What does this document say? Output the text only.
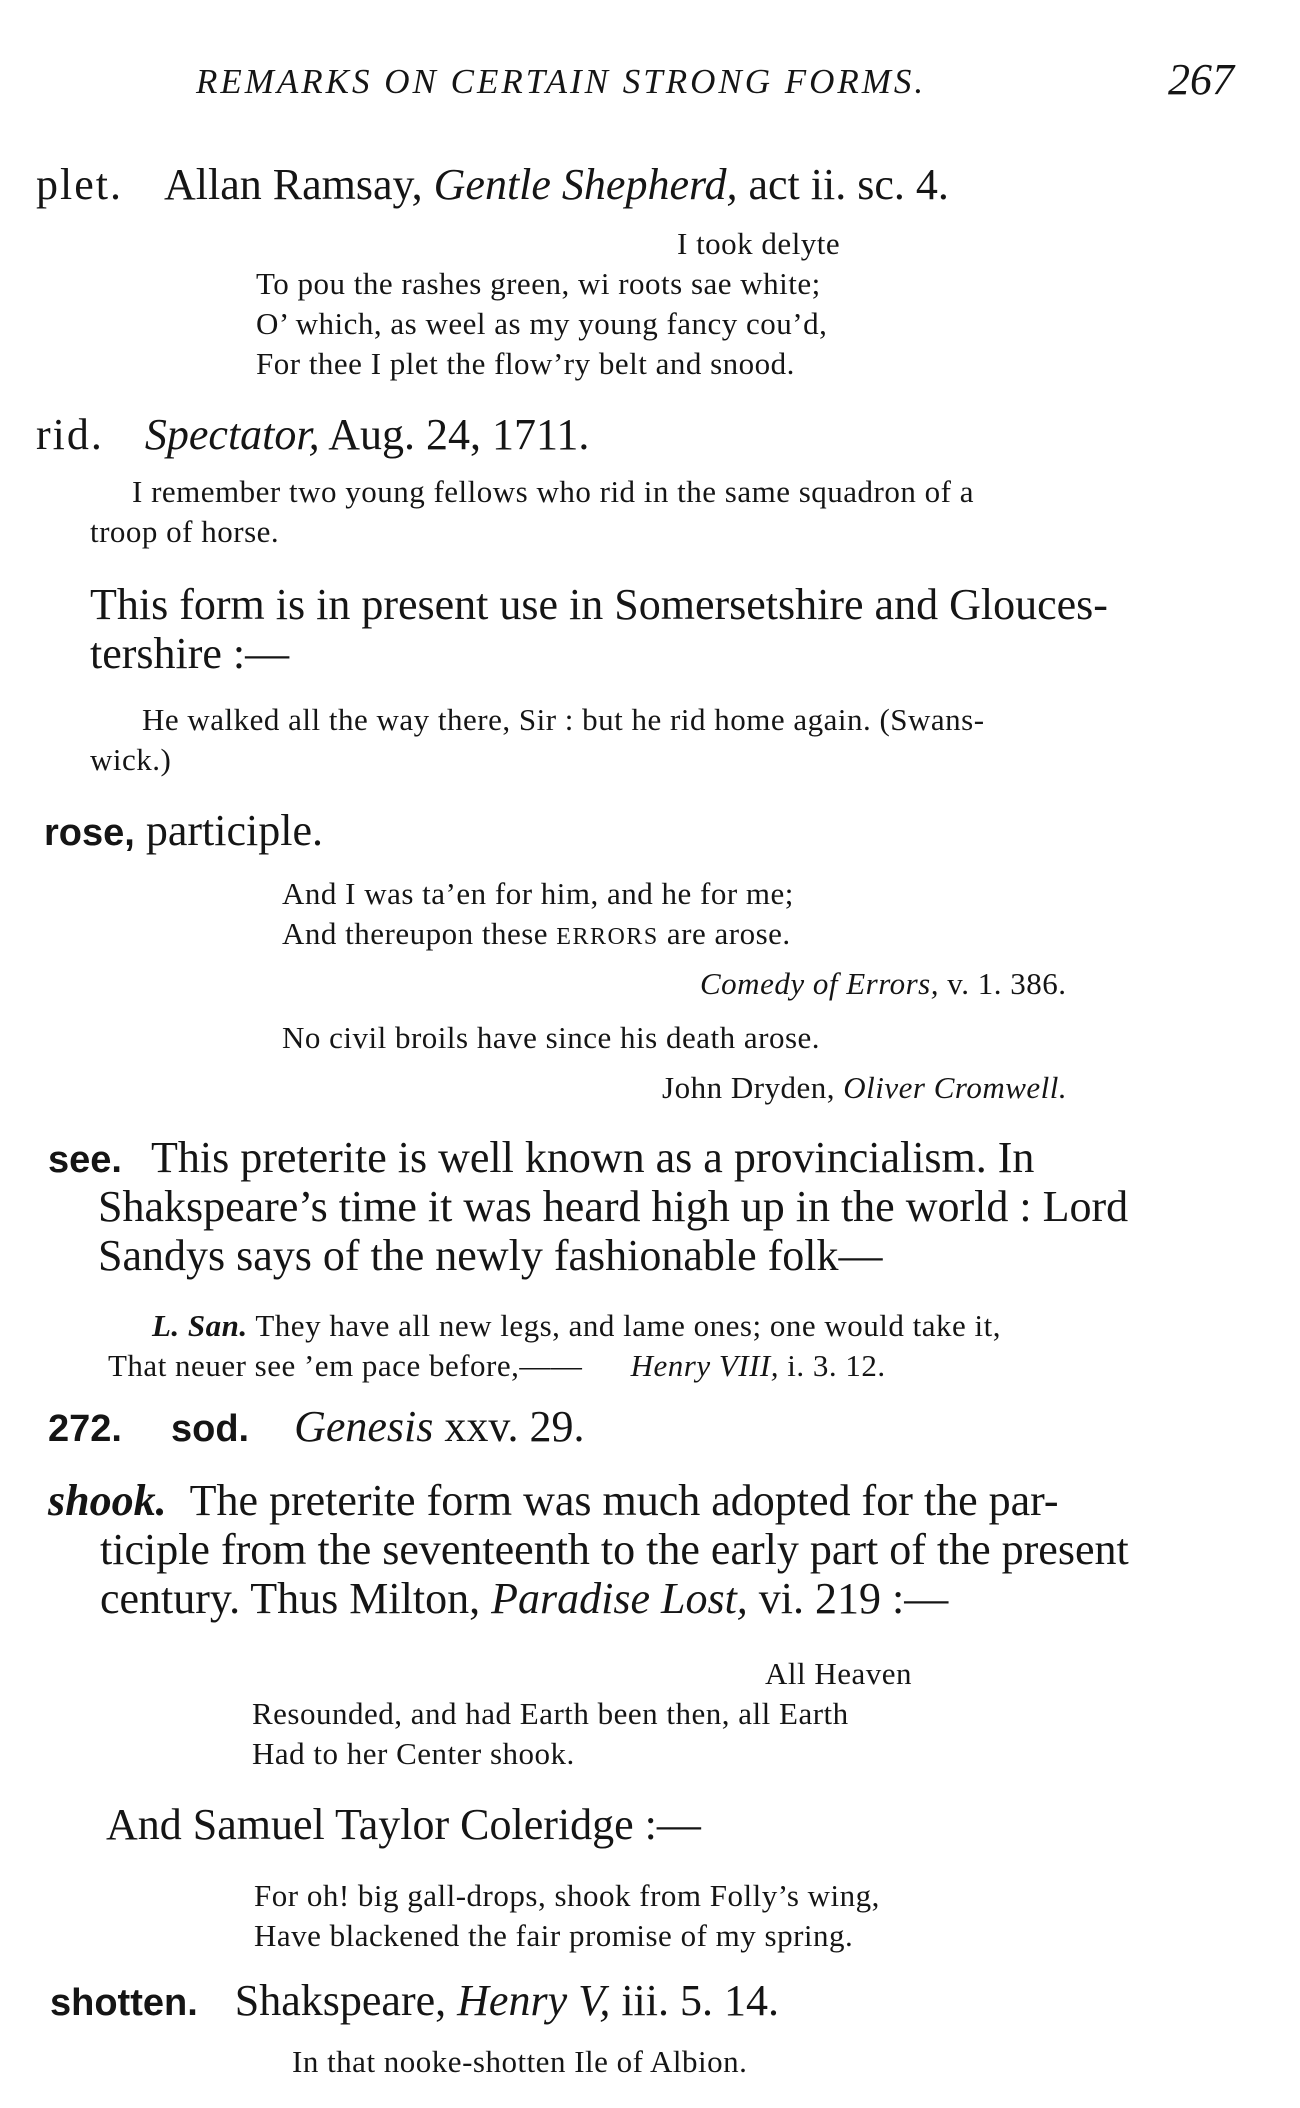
REMARKS ON CERTAIN STRONG FORMS.	267
plet. Allan Ramsay, Gentle Shepherd, act ii. sc. 4.
I took delyte
To pou the rashes green, wi roots sae white;
O’ which, as weel as my young fancy cou’d,
For thee I plet the flow’ry belt and snood.
rid. Spectator, Aug. 24, 1711.
I remember two young fellows who rid in the same squadron of a
troop of horse.
This form is in present use in Somersetshire and Glouces-
tershire :—
He walked all the way there, Sir : but he rid home again. (Swans-
wick.)
rose, participle.
And I was ta’en for him, and he for me;
And thereupon these ERRORS are arose.
Comedy of Errors, v. 1. 386.
No civil broils have since his death arose.
John Dryden, Oliver Cromwell.
see. This preterite is well known as a provincialism. In
Shakspeare’s time it was heard high up in the world : Lord
Sandys says of the newly fashionable folk—
L. San. They have all new legs, and lame ones; one would take it,
That neuer see ’em pace before,—— Henry VIII, i. 3. 12.
272. sod. Genesis xxv. 29.
shook. The preterite form was much adopted for the par-
ticiple from the seventeenth to the early part of the present
century. Thus Milton, Paradise Lost, vi. 219 :—
All Heaven
Resounded, and had Earth been then, all Earth
Had to her Center shook.
And Samuel Taylor Coleridge :—
For oh! big gall-drops, shook from Folly’s wing,
Have blackened the fair promise of my spring.
shotten. Shakspeare, Henry V, iii. 5. 14.
In that nooke-shotten Ile of Albion.
